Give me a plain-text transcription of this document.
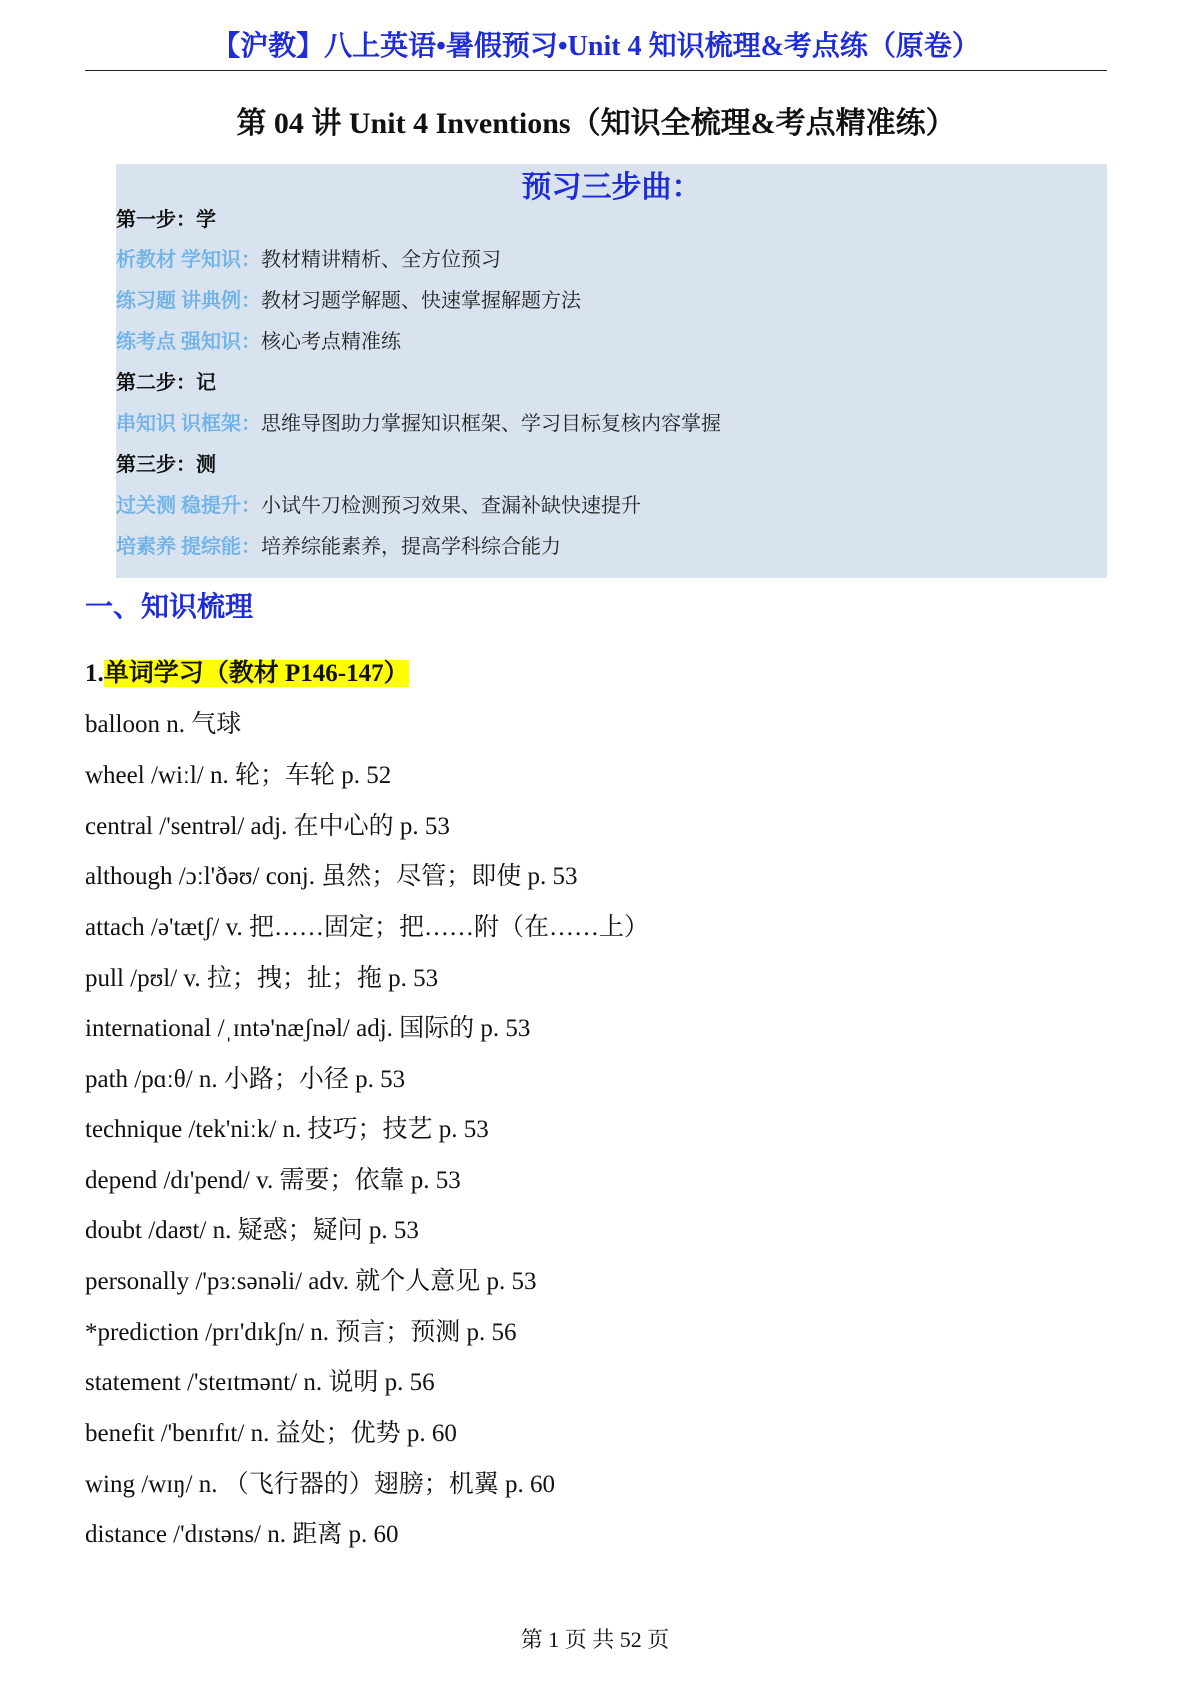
【沪教】八上英语•暑假预习•Unit 4 知识梳理&考点练（原卷）
第 04 讲 Unit 4 Inventions（知识全梳理&考点精准练）
预习三步曲：
第一步：学
析教材 学知识：教材精讲精析、全方位预习
练习题 讲典例：教材习题学解题、快速掌握解题方法
练考点 强知识：核心考点精准练
第二步：记
串知识 识框架：思维导图助力掌握知识框架、学习目标复核内容掌握
第三步：测
过关测 稳提升：小试牛刀检测预习效果、查漏补缺快速提升
培素养 提综能：培养综能素养，提高学科综合能力
一、知识梳理
1.单词学习（教材 P146-147）
balloon n. 气球
wheel /wiːl/ n. 轮；车轮 p. 52
central /'sentrəl/ adj. 在中心的 p. 53
although /ɔːl'ðəʊ/ conj. 虽然；尽管；即使 p. 53
attach /ə'tætʃ/ v. 把……固定；把……附（在……上）
pull /pʊl/ v. 拉；拽；扯；拖 p. 53
international /ˌɪntə'næʃnəl/ adj. 国际的 p. 53
path /pɑːθ/ n. 小路；小径 p. 53
technique /tek'niːk/ n. 技巧；技艺 p. 53
depend /dɪ'pend/ v. 需要；依靠 p. 53
doubt /daʊt/ n. 疑惑；疑问 p. 53
personally /'pɜːsənəli/ adv. 就个人意见 p. 53
*prediction /prɪ'dɪkʃn/ n. 预言；预测 p. 56
statement /'steɪtmənt/ n. 说明 p. 56
benefit /'benɪfɪt/ n. 益处；优势 p. 60
wing /wɪŋ/ n. （飞行器的）翅膀；机翼 p. 60
distance /'dɪstəns/ n. 距离 p. 60
第 1 页 共 52 页
